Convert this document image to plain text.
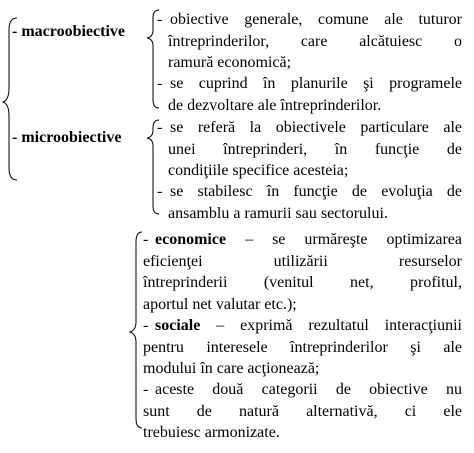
- macroobiective
- obiective generale, comune ale tuturor
întreprinderilor, care alcătuiesc o
ramură economică;
- se cuprind în planurile şi programele
de dezvoltare ale întreprinderilor.
- microobiective
- se referă la obiectivele particulare ale
unei întreprinderi, în funcţie de
condiţiile specifice acesteia;
- se stabilesc în funcţie de evoluţia de
ansamblu a ramurii sau sectorului.
- economice – se urmăreşte optimizarea
eficienţei utilizării resurselor
întreprinderii (venitul net, profitul,
aportul net valutar etc.);
- sociale – exprimă rezultatul interacţiunii
pentru interesele întreprinderilor şi ale
modului în care acţionează;
- aceste două categorii de obiective nu
sunt de natură alternativă, ci ele
trebuiesc armonizate.
